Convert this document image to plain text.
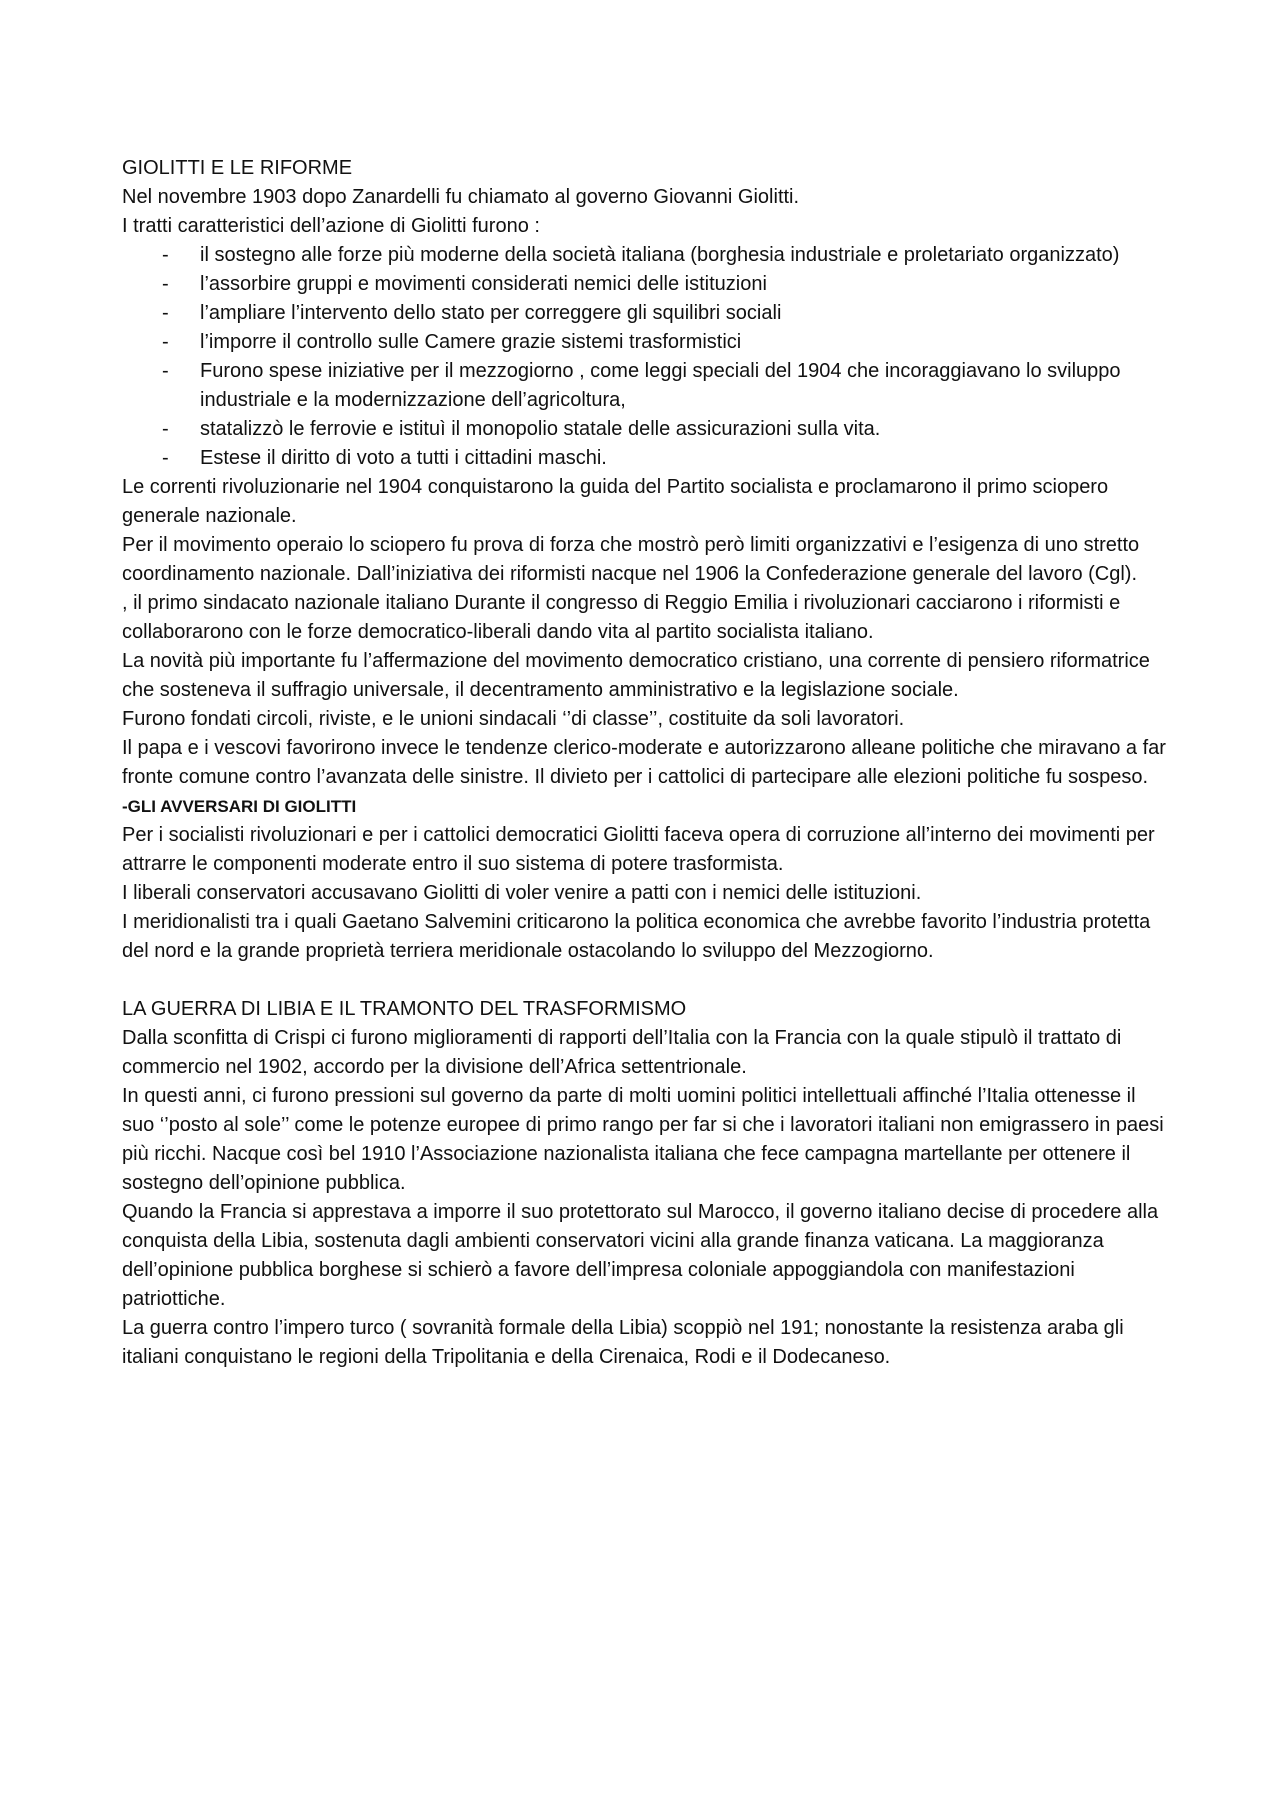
GIOLITTI E LE RIFORME

Nel novembre 1903 dopo Zanardelli fu chiamato al governo Giovanni Giolitti.

I tratti caratteristici dell’azione di Giolitti furono :

- il sostegno alle forze più moderne della società italiana (borghesia industriale e proletariato organizzato)
- l’assorbire gruppi e movimenti considerati nemici delle istituzioni
- l’ampliare l’intervento dello stato per correggere gli squilibri sociali
- l’imporre il controllo sulle Camere grazie sistemi trasformistici
- Furono spese iniziative per il mezzogiorno , come leggi speciali del 1904 che incoraggiavano lo sviluppo industriale e la modernizzazione dell’agricoltura,
- statalizzò le ferrovie e istituì il monopolio statale delle assicurazioni sulla vita.
- Estese il diritto di voto a tutti i cittadini maschi.

Le correnti rivoluzionarie nel 1904 conquistarono la guida del Partito socialista e proclamarono il primo sciopero generale nazionale.

Per il movimento operaio lo sciopero fu prova di forza che mostrò però limiti organizzativi e l’esigenza di uno stretto coordinamento nazionale. Dall’iniziativa dei riformisti nacque nel 1906 la Confederazione generale del lavoro (Cgl).

, il primo sindacato nazionale italiano Durante il congresso di Reggio Emilia i rivoluzionari cacciarono i riformisti e collaborarono con le forze democratico-liberali dando vita al partito socialista italiano.

La novità più importante fu l’affermazione del movimento democratico cristiano, una corrente di pensiero riformatrice che sosteneva il suffragio universale, il decentramento amministrativo e la legislazione sociale.

Furono fondati circoli, riviste, e le unioni sindacali ‘’di classe’’, costituite da soli lavoratori.

Il papa e i vescovi favorirono invece le tendenze clerico-moderate e autorizzarono alleane politiche che miravano a far fronte comune contro l’avanzata delle sinistre. Il divieto per i cattolici di partecipare alle elezioni politiche fu sospeso.

-GLI AVVERSARI DI GIOLITTI

Per i socialisti rivoluzionari e per i cattolici democratici Giolitti faceva opera di corruzione all’interno dei movimenti per attrarre le componenti moderate entro il suo sistema di potere trasformista.

I liberali conservatori accusavano Giolitti di voler venire a patti con i nemici delle istituzioni.

I meridionalisti tra i quali Gaetano Salvemini criticarono la politica economica che avrebbe favorito l’industria protetta del nord e la grande proprietà terriera meridionale ostacolando lo sviluppo del Mezzogiorno.

LA GUERRA DI LIBIA E IL TRAMONTO DEL TRASFORMISMO

Dalla sconfitta di Crispi ci furono miglioramenti di rapporti dell’Italia con la Francia con la quale stipulò il trattato di commercio nel 1902, accordo per la divisione dell’Africa settentrionale.

In questi anni, ci furono pressioni sul governo da parte di molti uomini politici intellettuali affinché l’Italia ottenesse il suo ‘’posto al sole’’ come le potenze europee di primo rango per far si che i lavoratori italiani non emigrassero in paesi più ricchi. Nacque così bel 1910 l’Associazione nazionalista italiana che fece campagna martellante per ottenere il sostegno dell’opinione pubblica.

Quando la Francia si apprestava a imporre il suo protettorato sul Marocco, il governo italiano decise di procedere alla conquista della Libia, sostenuta dagli ambienti conservatori vicini alla grande finanza vaticana. La maggioranza dell’opinione pubblica borghese si schierò a favore dell’impresa coloniale appoggiandola con manifestazioni patriottiche.

La guerra contro l’impero turco ( sovranità formale della Libia) scoppiò nel 191; nonostante la resistenza araba gli italiani conquistano le regioni della Tripolitania e della Cirenaica, Rodi e il Dodecaneso.
